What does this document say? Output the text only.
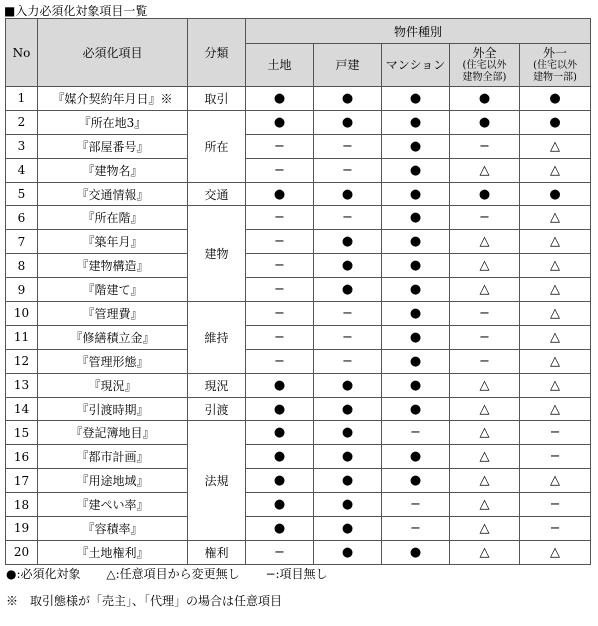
■入力必須化対象項目一覧
No	必須化項目	分類	物件種別				

			土地	戸建	マンション	外全
(住宅以外
建物全部)	外一
(住宅以外
建物一部)

1	『媒介契約年月日』※	取引	●	●	●	●	●
2	『所在地3』	所在	●	●	●	●	●
3	『部屋番号』		−	−	●	−	△
4	『建物名』		−	−	●	△	△
5	『交通情報』	交通	●	●	●	●	●
6	『所在階』	建物	−	−	●	−	△
7	『築年月』		−	●	●	△	△
8	『建物構造』		−	●	●	△	△
9	『階建て』		−	●	●	△	△
10	『管理費』	維持	−	−	●	−	△
11	『修繕積立金』		−	−	●	−	△
12	『管理形態』		−	−	●	−	△
13	『現況』	現況	●	●	●	△	△
14	『引渡時期』	引渡	●	●	●	△	△
15	『登記簿地目』	法規	●	●	−	△	−
16	『都市計画』		●	●	●	△	−
17	『用途地域』		●	●	●	△	△
18	『建ぺい率』		●	●	−	△	−
19	『容積率』		●	●	−	△	−
20	『土地権利』	権利	−	●	●	△	△
●:必須化対象 △:任意項目から変更無し −:項目無し
※　取引態様が「売主」、「代理」の場合は任意項目
